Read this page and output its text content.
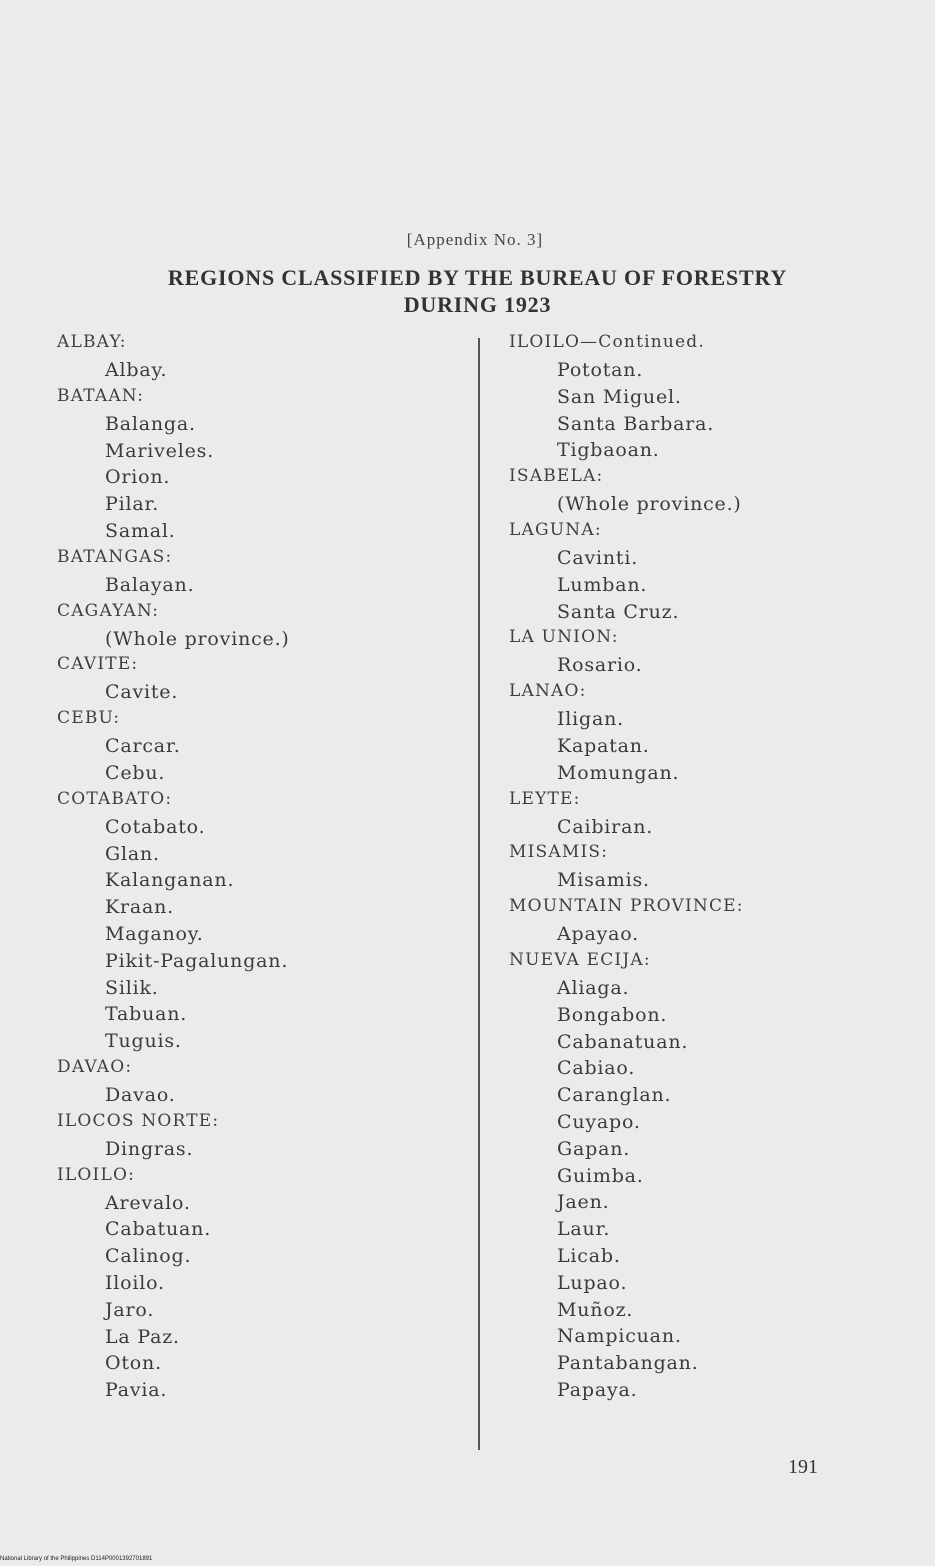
[Appendix No. 3]
REGIONS CLASSIFIED BY THE BUREAU OF FORESTRY
DURING 1923
ALBAY:
Albay.
BATAAN:
Balanga.
Mariveles.
Orion.
Pilar.
Samal.
BATANGAS:
Balayan.
CAGAYAN:
(Whole province.)
CAVITE:
Cavite.
CEBU:
Carcar.
Cebu.
COTABATO:
Cotabato.
Glan.
Kalanganan.
Kraan.
Maganoy.
Pikit-Pagalungan.
Silik.
Tabuan.
Tuguis.
DAVAO:
Davao.
ILOCOS NORTE:
Dingras.
ILOILO:
Arevalo.
Cabatuan.
Calinog.
Iloilo.
Jaro.
La Paz.
Oton.
Pavia.
ILOILO—Continued.
Pototan.
San Miguel.
Santa Barbara.
Tigbaoan.
ISABELA:
(Whole province.)
LAGUNA:
Cavinti.
Lumban.
Santa Cruz.
LA UNION:
Rosario.
LANAO:
Iligan.
Kapatan.
Momungan.
LEYTE:
Caibiran.
MISAMIS:
Misamis.
MOUNTAIN PROVINCE:
Apayao.
NUEVA ECIJA:
Aliaga.
Bongabon.
Cabanatuan.
Cabiao.
Caranglan.
Cuyapo.
Gapan.
Guimba.
Jaen.
Laur.
Licab.
Lupao.
Muñoz.
Nampicuan.
Pantabangan.
Papaya.
191
National Library of the Philippines D114P0001392701891
